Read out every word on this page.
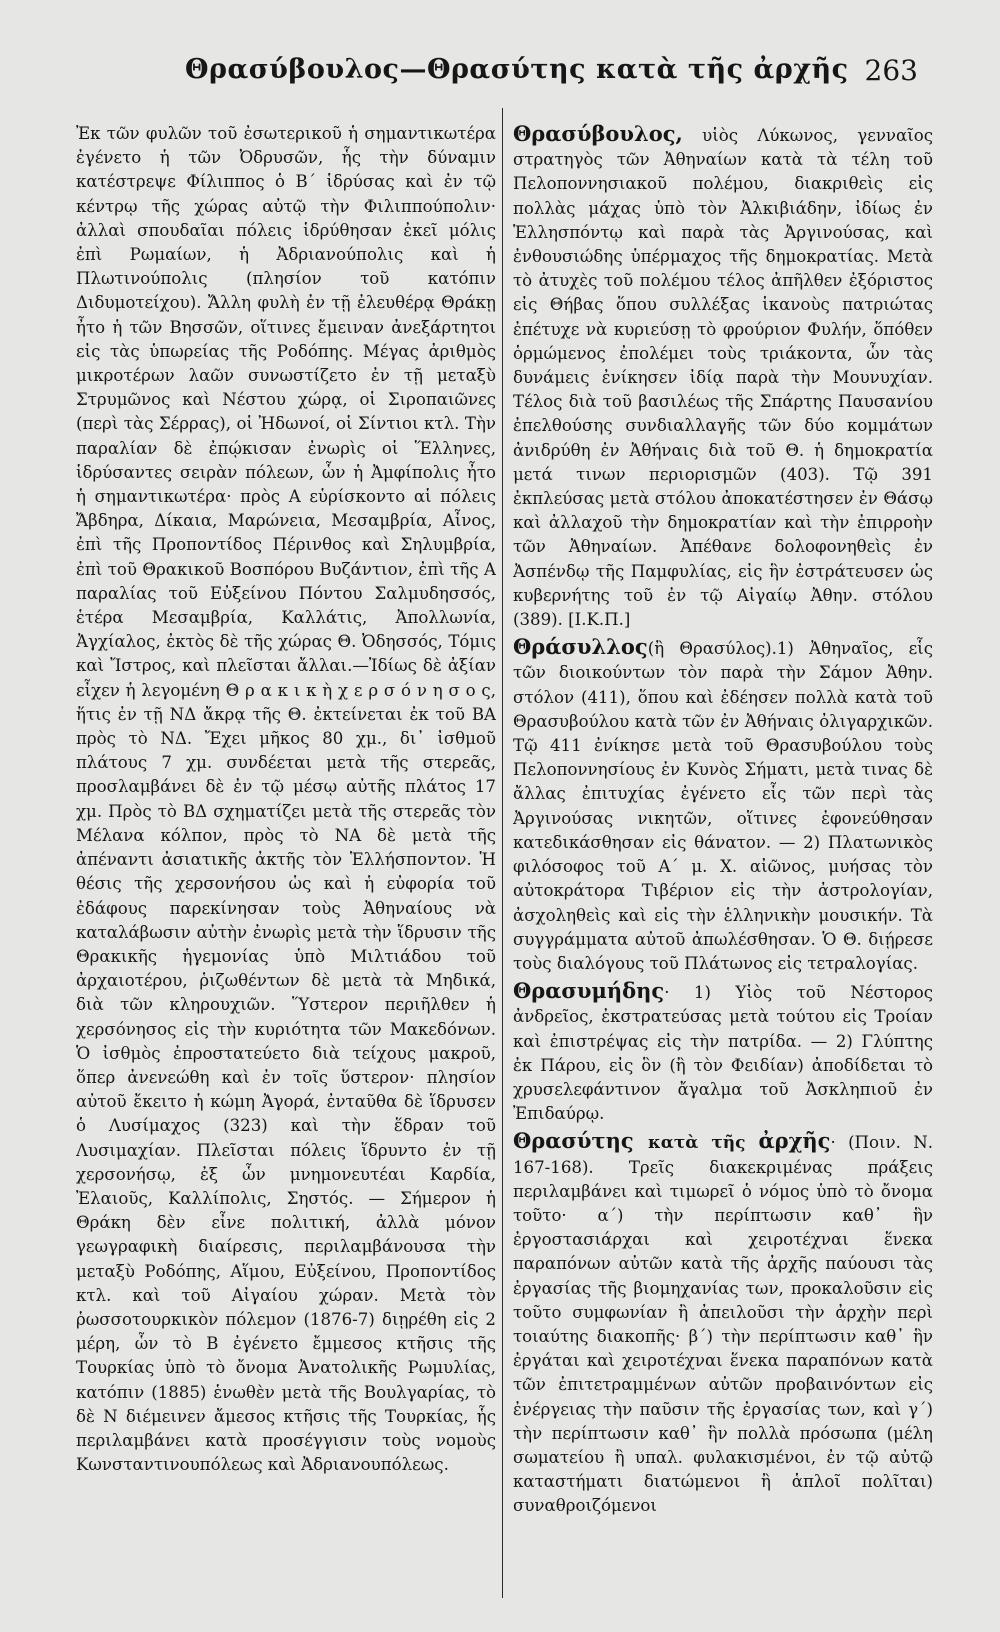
Θρασύβουλος—Θρασύτης κατὰ τῆς ἀρχῆς 263

Ἐκ τῶν φυλῶν τοῦ ἐσωτερικοῦ ἡ σημαντικωτέρα ἐγένετο ἡ τῶν Ὀδρυσῶν, ἧς τὴν δύναμιν κατέστρεψε Φίλιππος ὁ Β´ ἱδρύσας καὶ ἐν τῷ κέντρῳ τῆς χώρας αὐτῷ τὴν Φιλιππούπολιν· ἀλλαὶ σπουδαῖαι πόλεις ἱδρύθησαν ἐκεῖ μόλις ἐπὶ Ρωμαίων, ἡ Ἀδριανούπολις καὶ ἡ Πλωτινούπολις (πλησίον τοῦ κατόπιν Διδυμοτείχου). Ἄλλη φυλὴ ἐν τῇ ἐλευθέρᾳ Θράκῃ ἦτο ἡ τῶν Βησσῶν, οἵτινες ἔμειναν ἀνεξάρτητοι εἰς τὰς ὑπωρείας τῆς Ροδόπης. Μέγας ἀριθμὸς μικροτέρων λαῶν συνωστίζετο ἐν τῇ μεταξὺ Στρυμῶνος καὶ Νέστου χώρᾳ, οἱ Σιροπαιῶνες (περὶ τὰς Σέρρας), οἱ Ἠδωνοί, οἱ Σίντιοι κτλ. Τὴν παραλίαν δὲ ἐπῴκισαν ἐνωρὶς οἱ Ἕλληνες, ἱδρύσαντες σειρὰν πόλεων, ὧν ἡ Ἀμφίπολις ἦτο ἡ σημαντικωτέρα· πρὸς Α εὑρίσκοντο αἱ πόλεις Ἄβδηρα, Δίκαια, Μαρώνεια, Μεσαμβρία, Αἶνος, ἐπὶ τῆς Προποντίδος Πέρινθος καὶ Σηλυμβρία, ἐπὶ τοῦ Θρακικοῦ Βοσπόρου Βυζάντιον, ἐπὶ τῆς Α παραλίας τοῦ Εὐξείνου Πόντου Σαλμυδησσός, ἑτέρα Μεσαμβρία, Καλλάτις, Ἀπολλωνία, Ἀγχίαλος, ἐκτὸς δὲ τῆς χώρας Θ. Ὀδησσός, Τόμις καὶ Ἴστρος, καὶ πλεῖσται ἄλλαι.—Ἰδίως δὲ ἀξίαν εἶχεν ἡ λεγομένη Θ ρ α κ ι κ ὴ χ ε ρ σ ό ν η σ ο ς, ἥτις ἐν τῇ ΝΔ ἄκρᾳ τῆς Θ. ἐκτείνεται ἐκ τοῦ ΒΑ πρὸς τὸ ΝΔ. Ἔχει μῆκος 80 χμ., δι᾽ ἰσθμοῦ πλάτους 7 χμ. συνδέεται μετὰ τῆς στερεᾶς, προσλαμβάνει δὲ ἐν τῷ μέσῳ αὐτῆς πλάτος 17 χμ. Πρὸς τὸ ΒΔ σχηματίζει μετὰ τῆς στερεᾶς τὸν Μέλανα κόλπον, πρὸς τὸ ΝΑ δὲ μετὰ τῆς ἀπέναντι ἀσιατικῆς ἀκτῆς τὸν Ἑλλήσποντον. Ἡ θέσις τῆς χερσονήσου ὡς καὶ ἡ εὐφορία τοῦ ἐδάφους παρεκίνησαν τοὺς Ἀθηναίους νὰ καταλάβωσιν αὐτὴν ἐνωρὶς μετὰ τὴν ἵδρυσιν τῆς Θρακικῆς ἡγεμονίας ὑπὸ Μιλτιάδου τοῦ ἀρχαιοτέρου, ῥιζωθέντων δὲ μετὰ τὰ Μηδικά, διὰ τῶν κληρουχιῶν. Ὕστερον περιῆλθεν ἡ χερσόνησος εἰς τὴν κυριότητα τῶν Μακεδόνων. Ὁ ἰσθμὸς ἐπροστατεύετο διὰ τείχους μακροῦ, ὅπερ ἀνενεώθη καὶ ἐν τοῖς ὕστερον· πλησίον αὐτοῦ ἔκειτο ἡ κώμη Ἀγορά, ἐνταῦθα δὲ ἵδρυσεν ὁ Λυσίμαχος (323) καὶ τὴν ἕδραν τοῦ Λυσιμαχίαν. Πλεῖσται πόλεις ἵδρυντο ἐν τῇ χερσονήσῳ, ἐξ ὧν μνημονευτέαι Καρδία, Ἐλαιοῦς, Καλλίπολις, Σηστός. — Σήμερον ἡ Θράκη δὲν εἶνε πολιτική, ἀλλὰ μόνον γεωγραφικὴ διαίρεσις, περιλαμβάνουσα τὴν μεταξὺ Ροδόπης, Αἵμου, Εὐξείνου, Προποντίδος κτλ. καὶ τοῦ Αἰγαίου χώραν. Μετὰ τὸν ῥωσσοτουρκικὸν πόλεμον (1876-7) διῃρέθη εἰς 2 μέρη, ὧν τὸ Β ἐγένετο ἔμμεσος κτῆσις τῆς Τουρκίας ὑπὸ τὸ ὄνομα Ἀνατολικῆς Ρωμυλίας, κατόπιν (1885) ἑνωθὲν μετὰ τῆς Βουλγαρίας, τὸ δὲ Ν διέμεινεν ἄμεσος κτῆσις τῆς Τουρκίας, ἧς περιλαμβάνει κατὰ προσέγγισιν τοὺς νομοὺς Κωνσταντινουπόλεως καὶ Ἀδριανουπόλεως.

Θρασύβουλος, υἱὸς Λύκωνος, γενναῖος στρατηγὸς τῶν Ἀθηναίων κατὰ τὰ τέλη τοῦ Πελοποννησιακοῦ πολέμου, διακριθεὶς εἰς πολλὰς μάχας ὑπὸ τὸν Ἀλκιβιάδην, ἰδίως ἐν Ἑλλησπόντῳ καὶ παρὰ τὰς Ἀργινούσας, καὶ ἐνθουσιώδης ὑπέρμαχος τῆς δημοκρατίας. Μετὰ τὸ ἀτυχὲς τοῦ πολέμου τέλος ἀπῆλθεν ἐξόριστος εἰς Θήβας ὅπου συλλέξας ἱκανοὺς πατριώτας ἐπέτυχε νὰ κυριεύσῃ τὸ φρούριον Φυλήν, ὅπόθεν ὁρμώμενος ἐπολέμει τοὺς τριάκοντα, ὧν τὰς δυνάμεις ἐνίκησεν ἰδίᾳ παρὰ τὴν Μουνυχίαν. Τέλος διὰ τοῦ βασιλέως τῆς Σπάρτης Παυσανίου ἐπελθούσης συνδιαλλαγῆς τῶν δύο κομμάτων ἀνιδρύθη ἐν Ἀθήναις διὰ τοῦ Θ. ἡ δημοκρατία μετά τινων περιορισμῶν (403). Τῷ 391 ἐκπλεύσας μετὰ στόλου ἀποκατέστησεν ἐν Θάσῳ καὶ ἀλλαχοῦ τὴν δημοκρατίαν καὶ τὴν ἐπιρροὴν τῶν Ἀθηναίων. Ἀπέθανε δολοφονηθεὶς ἐν Ἀσπένδῳ τῆς Παμφυλίας, εἰς ἣν ἐστράτευσεν ὡς κυβερνήτης τοῦ ἐν τῷ Αἰγαίῳ Ἀθην. στόλου (389). [Ι.Κ.Π.]

Θράσυλλος(ἢ Θρασύλος).1) Ἀθηναῖος, εἷς τῶν διοικούντων τὸν παρὰ τὴν Σάμον Ἀθην. στόλον (411), ὅπου καὶ ἐδέησεν πολλὰ κατὰ τοῦ Θρασυβούλου κατὰ τῶν ἐν Ἀθήναις ὀλιγαρχικῶν. Τῷ 411 ἐνίκησε μετὰ τοῦ Θρασυβούλου τοὺς Πελοποννησίους ἐν Κυνὸς Σήματι, μετὰ τινας δὲ ἄλλας ἐπιτυχίας ἐγένετο εἷς τῶν περὶ τὰς Ἀργινούσας νικητῶν, οἵτινες ἐφονεύθησαν κατεδικάσθησαν εἰς θάνατον. — 2) Πλατωνικὸς φιλόσοφος τοῦ Α´ μ. Χ. αἰῶνος, μυήσας τὸν αὐτοκράτορα Τιβέριον εἰς τὴν ἀστρολογίαν, ἀσχοληθεὶς καὶ εἰς τὴν ἑλληνικὴν μουσικήν. Τὰ συγγράμματα αὐτοῦ ἀπωλέσθησαν. Ὁ Θ. διῄρεσε τοὺς διαλόγους τοῦ Πλάτωνος εἰς τετραλογίας.

Θρασυμήδης· 1) Υἱὸς τοῦ Νέστορος ἀνδρεῖος, ἐκστρατεύσας μετὰ τούτου εἰς Τροίαν καὶ ἐπιστρέψας εἰς τὴν πατρίδα. — 2) Γλύπτης ἐκ Πάρου, εἰς ὃν (ἢ τὸν Φειδίαν) ἀποδίδεται τὸ χρυσελεφάντινον ἄγαλμα τοῦ Ἀσκληπιοῦ ἐν Ἐπιδαύρῳ.

Θρασύτης κατὰ τῆς ἀρχῆς· (Ποιν. Ν. 167-168). Τρεῖς διακεκριμένας πράξεις περιλαμβάνει καὶ τιμωρεῖ ὁ νόμος ὑπὸ τὸ ὄνομα τοῦτο· α´) τὴν περίπτωσιν καθ᾽ ἣν ἐργοστασιάρχαι καὶ χειροτέχναι ἕνεκα παραπόνων αὐτῶν κατὰ τῆς ἀρχῆς παύουσι τὰς ἐργασίας τῆς βιομηχανίας των, προκαλοῦσιν εἰς τοῦτο συμφωνίαν ἢ ἀπειλοῦσι τὴν ἀρχὴν περὶ τοιαύτης διακοπῆς· β´) τὴν περίπτωσιν καθ᾽ ἣν ἐργάται καὶ χειροτέχναι ἕνεκα παραπόνων κατὰ τῶν ἐπιτετραμμένων αὐτῶν προβαινόντων εἰς ἐνέργειας τὴν παῦσιν τῆς ἐργασίας των, καὶ γ´) τὴν περίπτωσιν καθ᾽ ἣν πολλὰ πρόσωπα (μέλη σωματείου ἢ υπαλ. φυλακισμένοι, ἐν τῷ αὐτῷ καταστήματι διατώμενοι ἢ ἁπλοῖ πολῖται) συναθροιζόμενοι
